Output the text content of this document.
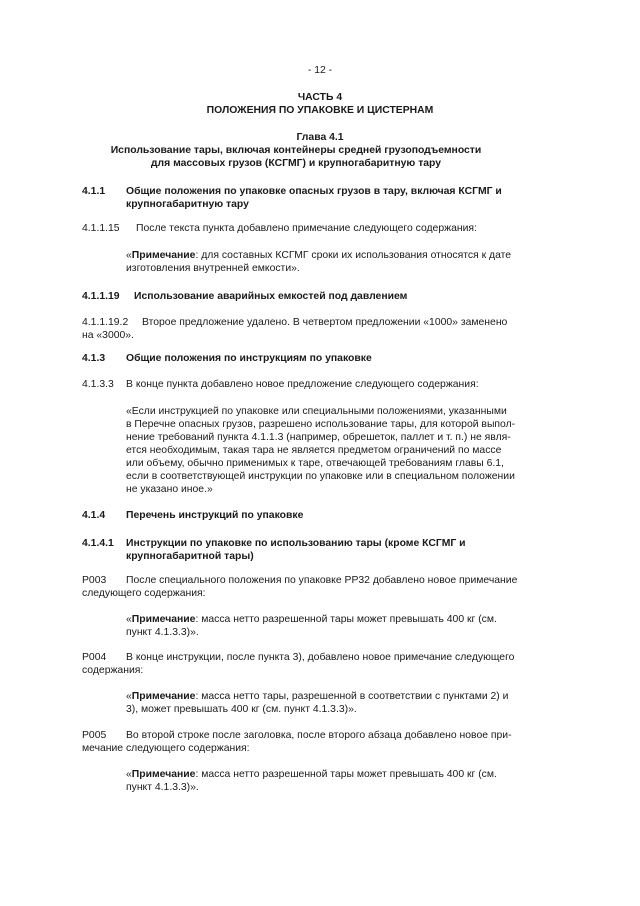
- 12 -
ЧАСТЬ 4
ПОЛОЖЕНИЯ ПО УПАКОВКЕ И ЦИСТЕРНАМ
Глава 4.1
Использование тары, включая контейнеры средней грузоподъемности
для массовых грузов (КСГМГ) и крупногабаритную тару
4.1.1 Общие положения по упаковке опасных грузов в тару, включая КСГМГ и
крупногабаритную тару
4.1.1.15 После текста пункта добавлено примечание следующего содержания:
«Примечание: для составных КСГМГ сроки их использования относятся к дате
изготовления внутренней емкости».
4.1.1.19 Использование аварийных емкостей под давлением
4.1.1.19.2 Второе предложение удалено. В четвертом предложении «1000» заменено
на «3000».
4.1.3 Общие положения по инструкциям по упаковке
4.1.3.3 В конце пункта добавлено новое предложение следующего содержания:
«Если инструкцией по упаковке или специальными положениями, указанными
в Перечне опасных грузов, разрешено использование тары, для которой выпол-
нение требований пункта 4.1.1.3 (например, обрешеток, паллет и т. п.) не явля-
ется необходимым, такая тара не является предметом ограничений по массе
или объему, обычно применимых к таре, отвечающей требованиям главы 6.1,
если в соответствующей инструкции по упаковке или в специальном положении
не указано иное.»
4.1.4 Перечень инструкций по упаковке
4.1.4.1 Инструкции по упаковке по использованию тары (кроме КСГМГ и
крупногабаритной тары)
P003 После специального положения по упаковке PP32 добавлено новое примечание
следующего содержания:
«Примечание: масса нетто разрешенной тары может превышать 400 кг (см.
пункт 4.1.3.3)».
P004 В конце инструкции, после пункта 3), добавлено новое примечание следующего
содержания:
«Примечание: масса нетто тары, разрешенной в соответствии с пунктами 2) и
3), может превышать 400 кг (см. пункт 4.1.3.3)».
P005 Во второй строке после заголовка, после второго абзаца добавлено новое при-
мечание следующего содержания:
«Примечание: масса нетто разрешенной тары может превышать 400 кг (см.
пункт 4.1.3.3)».
